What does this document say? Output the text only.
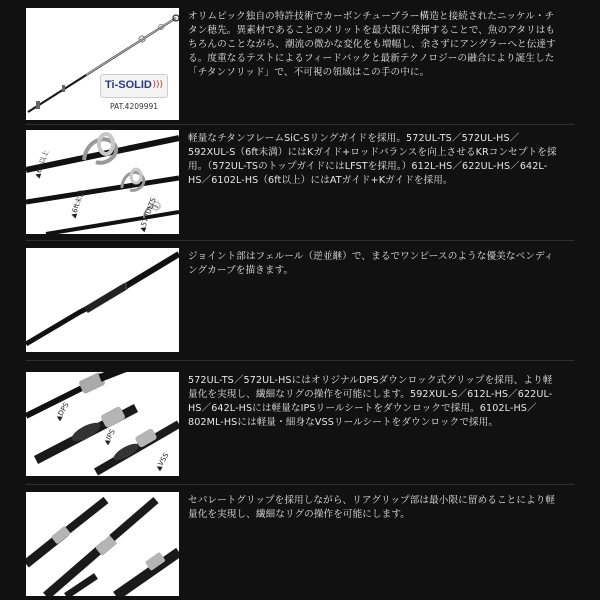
Ti-SOLID )))
PAT.4209991

オリムピック独自の特許技術でカーボンチューブラー構造と接続されたニッケル・チタン穂先。異素材であることのメリットを最大限に発揮することで、魚のアタリはもちろんのことながら、潮流の微かな変化をも増幅し、余さずにアングラーへと伝達する。度重なるテストによるフィードバックと最新テクノロジーの融合により誕生した「チタンソリッド」で、不可視の領域はこの手の中に。

▲6ft以上
▲6ft未満	▲572ULTS

軽量なチタンフレームSiC-Sリングガイドを採用。572UL-TS／572UL-HS／592XUL-S（6ft未満）にはKガイド+ロッドバランスを向上させるKRコンセプトを採用。（572UL-TSのトップガイドにはLFSTを採用。）612L-HS／622UL-HS／642L-HS／6102L-HS（6ft以上）にはATガイド+Kガイドを採用。

ジョイント部はフェルール（逆並継）で、まるでワンピースのような優美なベンディングカーブを描きます。

▲DPS
▲IPS
▲VSS

572UL-TS／572UL-HSにはオリジナルDPSダウンロック式グリップを採用、より軽量化を実現し、繊細なリグの操作を可能にします。592XUL-S／612L-HS／622UL-HS／642L-HSには軽量なIPSリールシートをダウンロックで採用。6102L-HS／802ML-HSには軽量・細身なVSSリールシートをダウンロックで採用。

セパレートグリップを採用しながら、リアグリップ部は最小限に留めることにより軽量化を実現し、繊細なリグの操作を可能にします。
